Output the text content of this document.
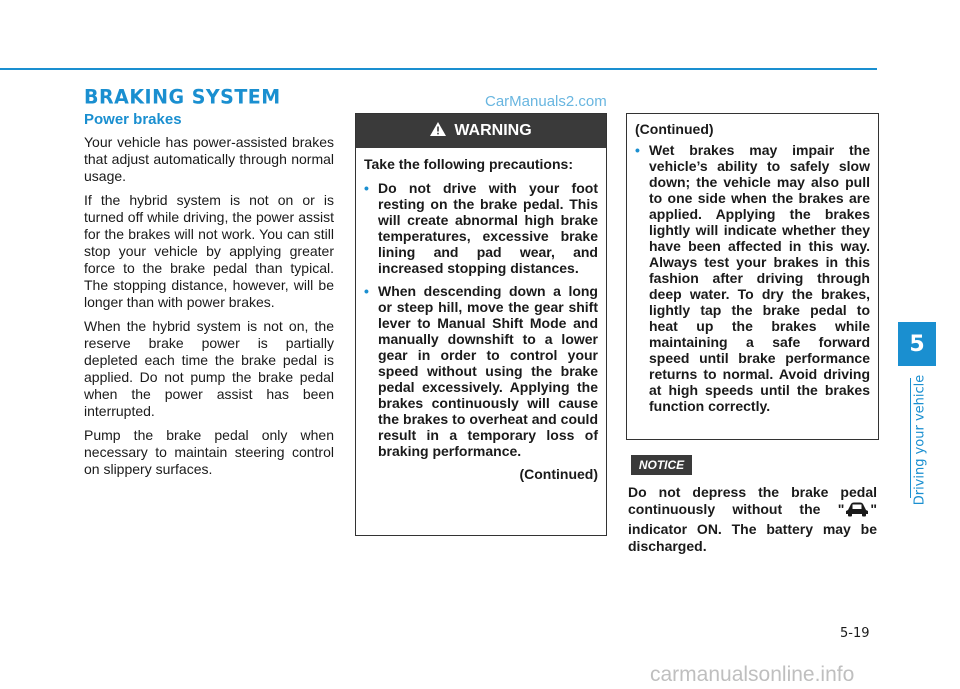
BRAKING SYSTEM	CarManuals2.com
Power brakes

Your vehicle has power-assisted brakes that adjust automatically through normal usage.

If the hybrid system is not on or is turned off while driving, the power assist for the brakes will not work. You can still stop your vehicle by applying greater force to the brake pedal than typical. The stopping distance, however, will be longer than with power brakes.

When the hybrid system is not on, the reserve brake power is partially depleted each time the brake pedal is applied. Do not pump the brake pedal when the power assist has been interrupted.

Pump the brake pedal only when necessary to maintain steering control on slippery surfaces.

WARNING

Take the following precautions:

• Do not drive with your foot resting on the brake pedal. This will create abnormal high brake temperatures, excessive brake lining and pad wear, and increased stopping distances.
• When descending down a long or steep hill, move the gear shift lever to Manual Shift Mode and manually downshift to a lower gear in order to control your speed without using the brake pedal excessively. Applying the brakes continuously will cause the brakes to overheat and could result in a temporary loss of braking performance.
(Continued)

(Continued)

• Wet brakes may impair the vehicle’s ability to safely slow down; the vehicle may also pull to one side when the brakes are applied. Applying the brakes lightly will indicate whether they have been affected in this way. Always test your brakes in this fashion after driving through deep water. To dry the brakes, lightly tap the brake pedal to heat up the brakes while maintaining a safe forward speed until brake performance returns to normal. Avoid driving at high speeds until the brakes function correctly.
NOTICE

Do not depress the brake pedal continuously without the " " indicator ON. The battery may be discharged.

5
Driving your vehicle
5-19
carmanualsonline.info
